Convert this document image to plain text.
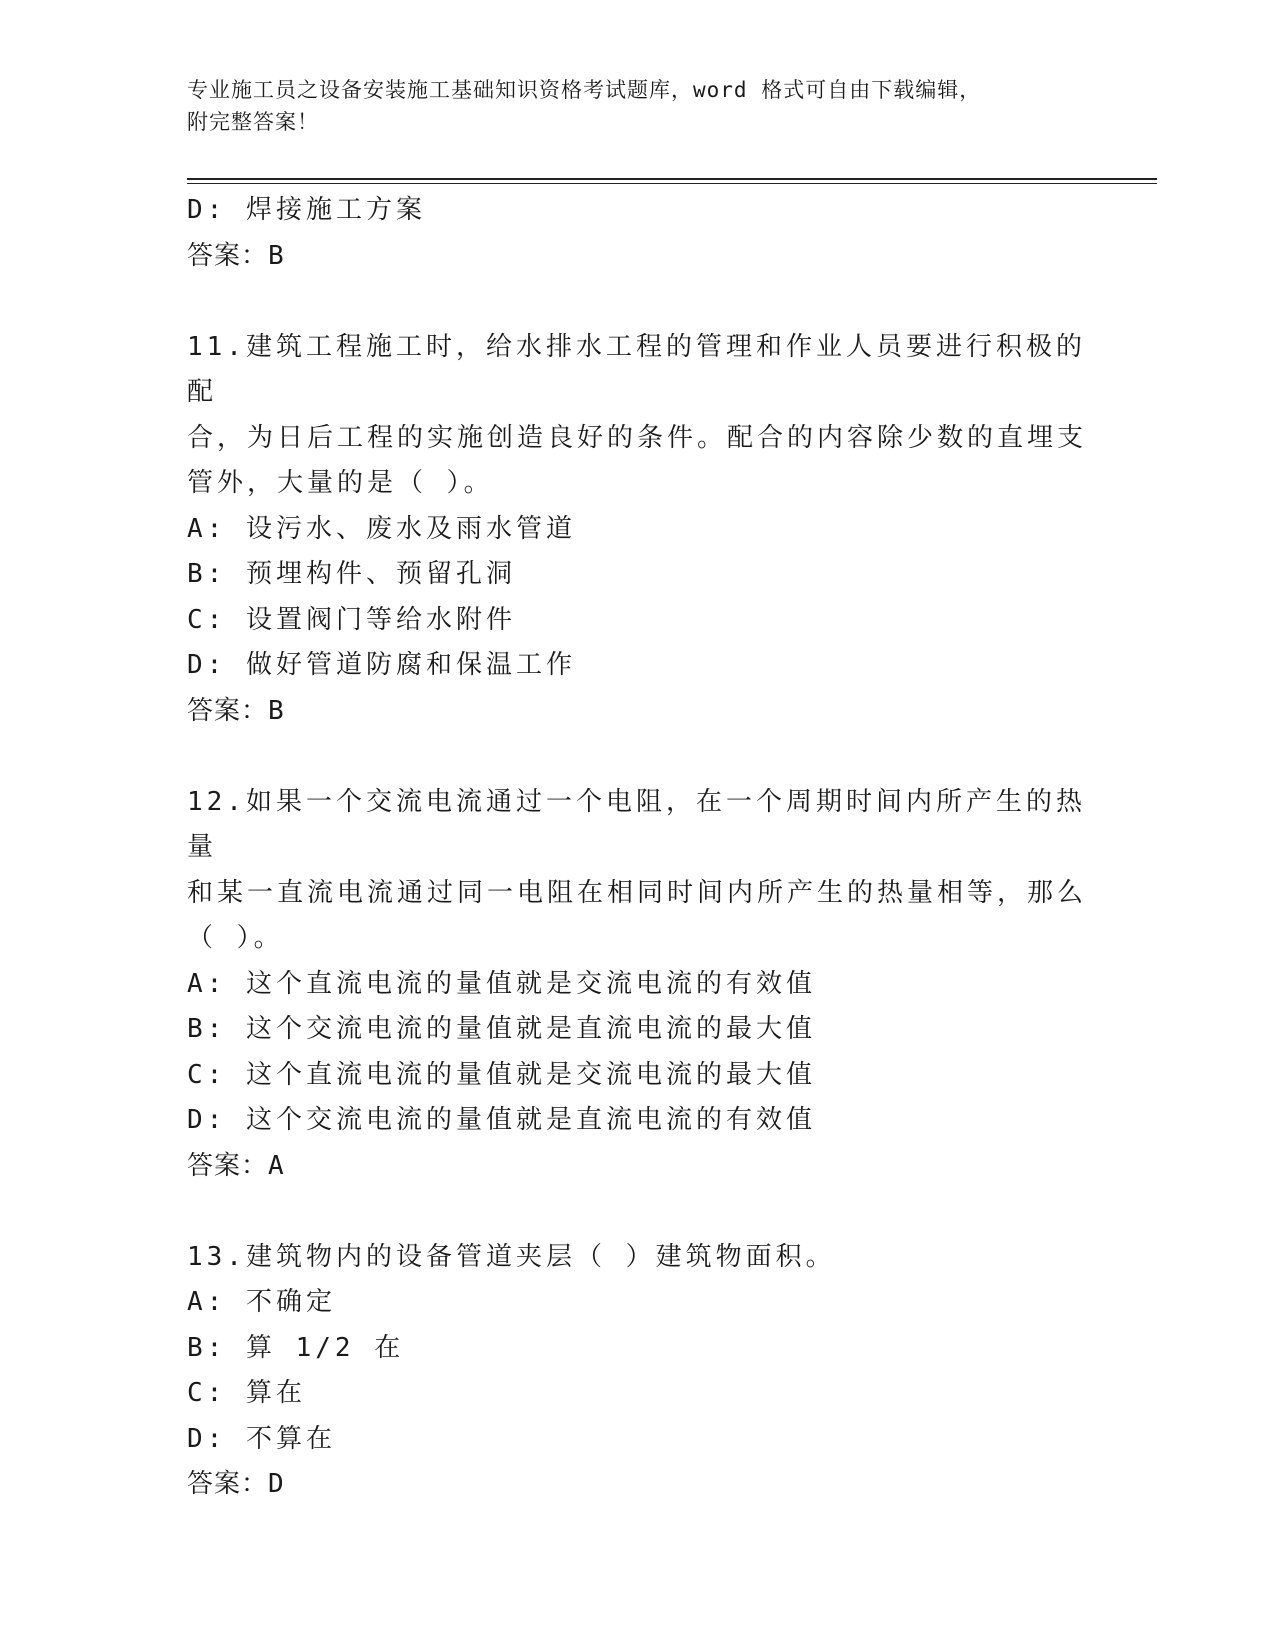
专业施工员之设备安装施工基础知识资格考试题库，word 格式可自由下载编辑，
附完整答案！
D: 焊接施工方案
答案：B
11.建筑工程施工时，给水排水工程的管理和作业人员要进行积极的配
合，为日后工程的实施创造良好的条件。配合的内容除少数的直埋支
管外，大量的是（ ）。
A: 设污水、废水及雨水管道
B: 预埋构件、预留孔洞
C: 设置阀门等给水附件
D: 做好管道防腐和保温工作
答案：B
12.如果一个交流电流通过一个电阻，在一个周期时间内所产生的热量
和某一直流电流通过同一电阻在相同时间内所产生的热量相等，那么
（ ）。
A: 这个直流电流的量值就是交流电流的有效值
B: 这个交流电流的量值就是直流电流的最大值
C: 这个直流电流的量值就是交流电流的最大值
D: 这个交流电流的量值就是直流电流的有效值
答案：A
13.建筑物内的设备管道夹层（ ）建筑物面积。
A: 不确定
B: 算 1/2 在
C: 算在
D: 不算在
答案：D
